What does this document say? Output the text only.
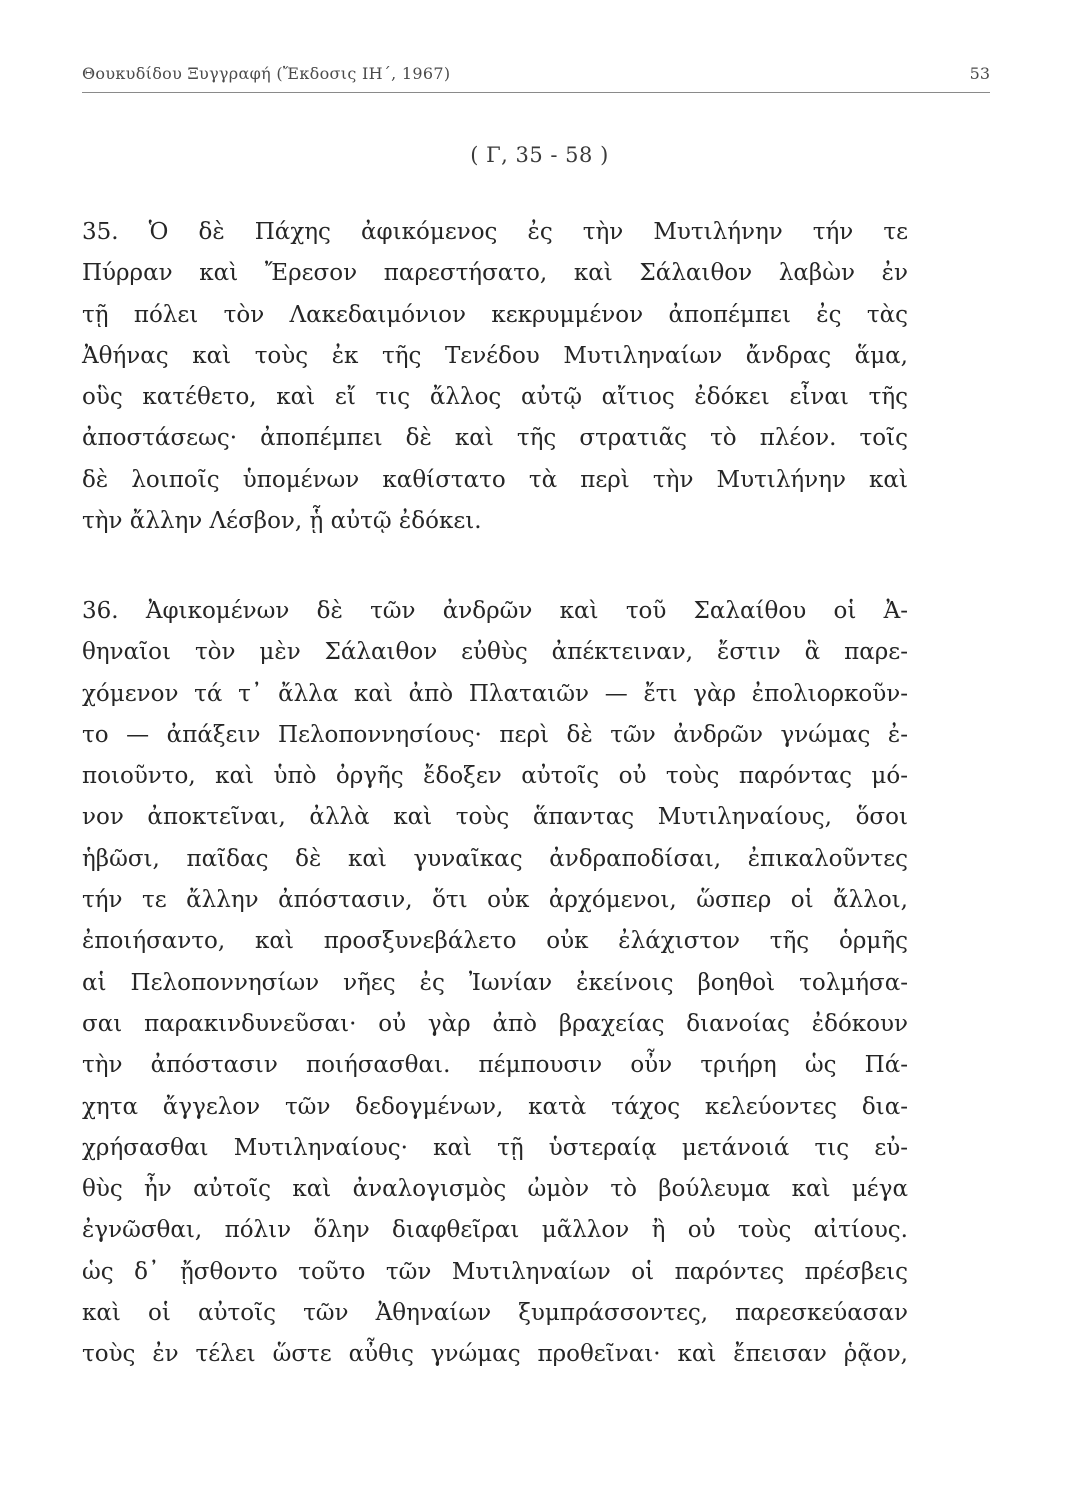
Θουκυδίδου Ξυγγραφή (Ἔκδοσις ΙΗ΄, 1967)	53
( Γ, 35 - 58 )
35. Ὁ δὲ Πάχης ἀφικόμενος ἐς τὴν Μυτιλήνην τήν τε
Πύρραν καὶ Ἔρεσον παρεστήσατο, καὶ Σάλαιθον λαβὼν ἐν
τῇ πόλει τὸν Λακεδαιμόνιον κεκρυμμένον ἀποπέμπει ἐς τὰς
Ἀθήνας καὶ τοὺς ἐκ τῆς Τενέδου Μυτιληναίων ἄνδρας ἅμα,
οὓς κατέθετο, καὶ εἴ τις ἄλλος αὐτῷ αἴτιος ἐδόκει εἶναι τῆς
ἀποστάσεως· ἀποπέμπει δὲ καὶ τῆς στρατιᾶς τὸ πλέον. τοῖς
δὲ λοιποῖς ὑπομένων καθίστατο τὰ περὶ τὴν Μυτιλήνην καὶ
τὴν ἄλλην Λέσβον, ᾗ αὐτῷ ἐδόκει.
36. Ἀφικομένων δὲ τῶν ἀνδρῶν καὶ τοῦ Σαλαίθου οἱ Ἀ-
θηναῖοι τὸν μὲν Σάλαιθον εὐθὺς ἀπέκτειναν, ἔστιν ἃ παρε-
χόμενον τά τ᾽ ἄλλα καὶ ἀπὸ Πλαταιῶν — ἔτι γὰρ ἐπολιορκοῦν-
το — ἀπάξειν Πελοποννησίους· περὶ δὲ τῶν ἀνδρῶν γνώμας ἐ-
ποιοῦντο, καὶ ὑπὸ ὀργῆς ἔδοξεν αὐτοῖς οὐ τοὺς παρόντας μό-
νον ἀποκτεῖναι, ἀλλὰ καὶ τοὺς ἅπαντας Μυτιληναίους, ὅσοι
ἡβῶσι, παῖδας δὲ καὶ γυναῖκας ἀνδραποδίσαι, ἐπικαλοῦντες
τήν τε ἄλλην ἀπόστασιν, ὅτι οὐκ ἀρχόμενοι, ὥσπερ οἱ ἄλλοι,
ἐποιήσαντο, καὶ προσξυνεβάλετο οὐκ ἐλάχιστον τῆς ὁρμῆς
αἱ Πελοποννησίων νῆες ἐς Ἰωνίαν ἐκείνοις βοηθοὶ τολμήσα-
σαι παρακινδυνεῦσαι· οὐ γὰρ ἀπὸ βραχείας διανοίας ἐδόκουν
τὴν ἀπόστασιν ποιήσασθαι. πέμπουσιν οὖν τριήρη ὡς Πά-
χητα ἄγγελον τῶν δεδογμένων, κατὰ τάχος κελεύοντες δια-
χρήσασθαι Μυτιληναίους· καὶ τῇ ὑστεραίᾳ μετάνοιά τις εὐ-
θὺς ἦν αὐτοῖς καὶ ἀναλογισμὸς ὠμὸν τὸ βούλευμα καὶ μέγα
ἐγνῶσθαι, πόλιν ὅλην διαφθεῖραι μᾶλλον ἢ οὐ τοὺς αἰτίους.
ὡς δ᾽ ᾔσθοντο τοῦτο τῶν Μυτιληναίων οἱ παρόντες πρέσβεις
καὶ οἱ αὐτοῖς τῶν Ἀθηναίων ξυμπράσσοντες, παρεσκεύασαν
τοὺς ἐν τέλει ὥστε αὖθις γνώμας προθεῖναι· καὶ ἔπεισαν ῥᾷον,
